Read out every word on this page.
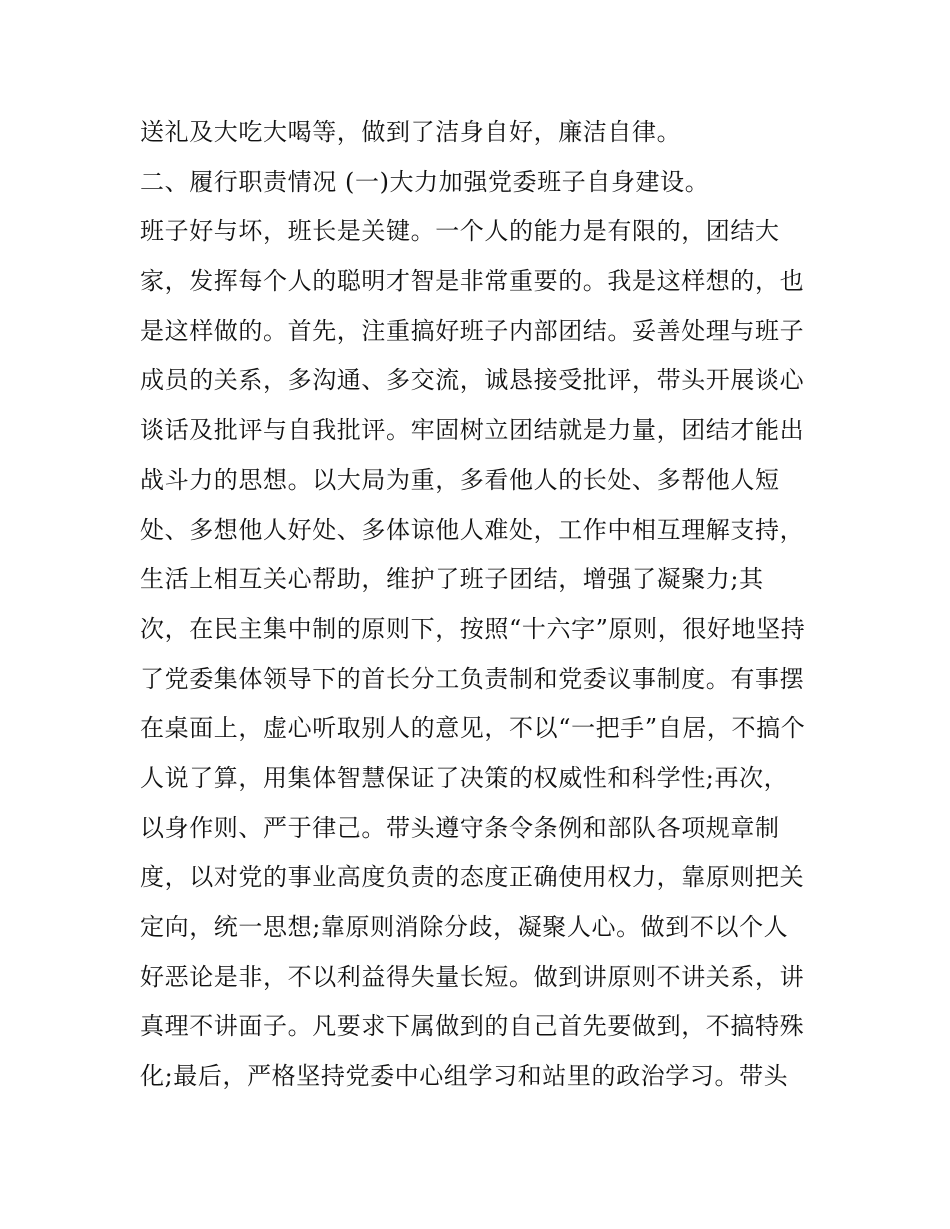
送礼及大吃大喝等，做到了洁身自好，廉洁自律。
二、履行职责情况 (一)大力加强党委班子自身建设。
班子好与坏，班长是关键。一个人的能力是有限的，团结大
家，发挥每个人的聪明才智是非常重要的。我是这样想的，也
是这样做的。首先，注重搞好班子内部团结。妥善处理与班子
成员的关系，多沟通、多交流，诚恳接受批评，带头开展谈心
谈话及批评与自我批评。牢固树立团结就是力量，团结才能出
战斗力的思想。以大局为重，多看他人的长处、多帮他人短
处、多想他人好处、多体谅他人难处，工作中相互理解支持，
生活上相互关心帮助，维护了班子团结，增强了凝聚力;其
次，在民主集中制的原则下，按照“十六字”原则，很好地坚持
了党委集体领导下的首长分工负责制和党委议事制度。有事摆
在桌面上，虚心听取别人的意见，不以“一把手”自居，不搞个
人说了算，用集体智慧保证了决策的权威性和科学性;再次，
以身作则、严于律己。带头遵守条令条例和部队各项规章制
度，以对党的事业高度负责的态度正确使用权力，靠原则把关
定向，统一思想;靠原则消除分歧，凝聚人心。做到不以个人
好恶论是非，不以利益得失量长短。做到讲原则不讲关系，讲
真理不讲面子。凡要求下属做到的自己首先要做到，不搞特殊
化;最后，严格坚持党委中心组学习和站里的政治学习。带头
